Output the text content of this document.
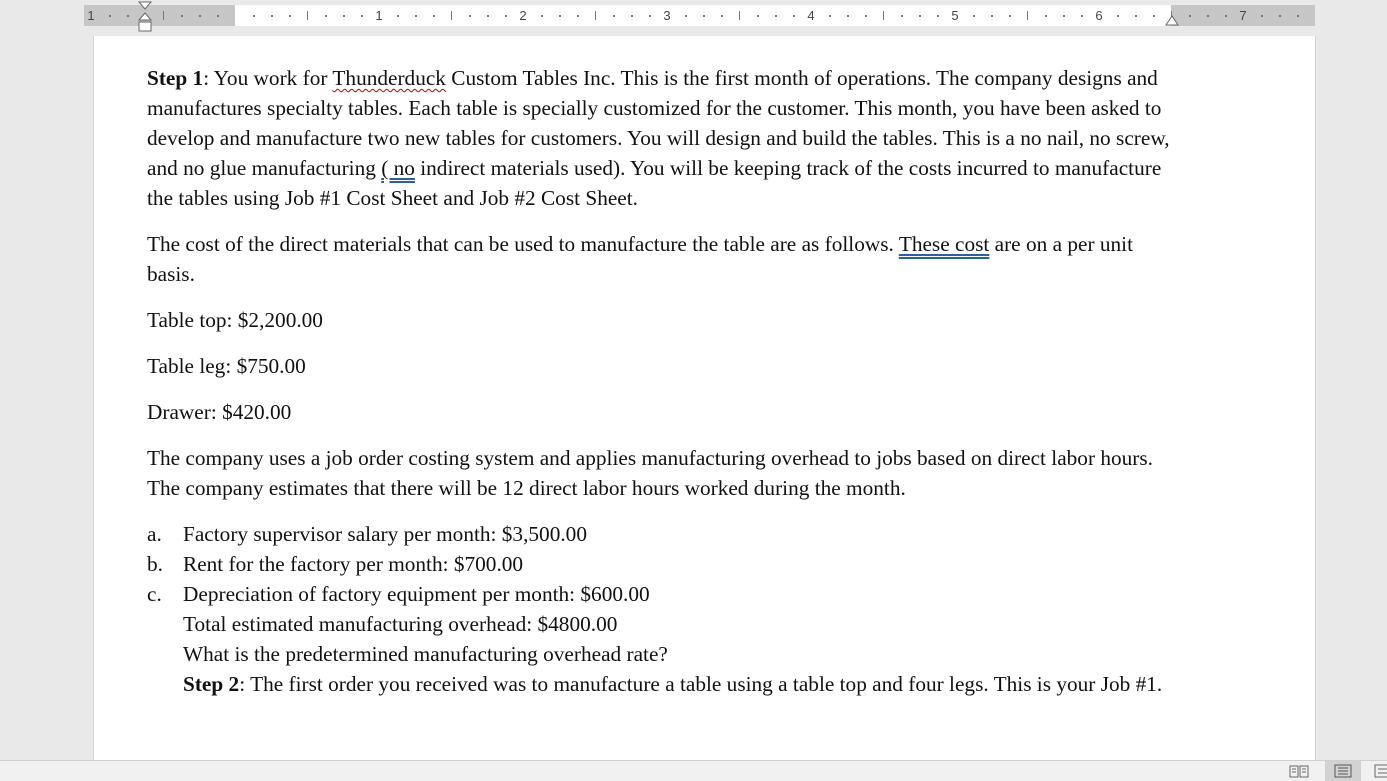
1	1	2	3	4	5	6	7

Step 1: You work for Thunderduck Custom Tables Inc. This is the first month of operations. The company designs and manufactures specialty tables. Each table is specially customized for the customer. This month, you have been asked to develop and manufacture two new tables for customers. You will design and build the tables. This is a no nail, no screw, and no glue manufacturing ( no indirect materials used). You will be keeping track of the costs incurred to manufacture the tables using Job #1 Cost Sheet and Job #2 Cost Sheet.

The cost of the direct materials that can be used to manufacture the table are as follows. These cost are on a per unit basis.

Table top: $2,200.00

Table leg: $750.00

Drawer: $420.00

The company uses a job order costing system and applies manufacturing overhead to jobs based on direct labor hours. The company estimates that there will be 12 direct labor hours worked during the month.

a. Factory supervisor salary per month: $3,500.00
b. Rent for the factory per month: $700.00
c. Depreciation of factory equipment per month: $600.00
Total estimated manufacturing overhead: $4800.00
What is the predetermined manufacturing overhead rate?
Step 2: The first order you received was to manufacture a table using a table top and four legs. This is your Job #1.
